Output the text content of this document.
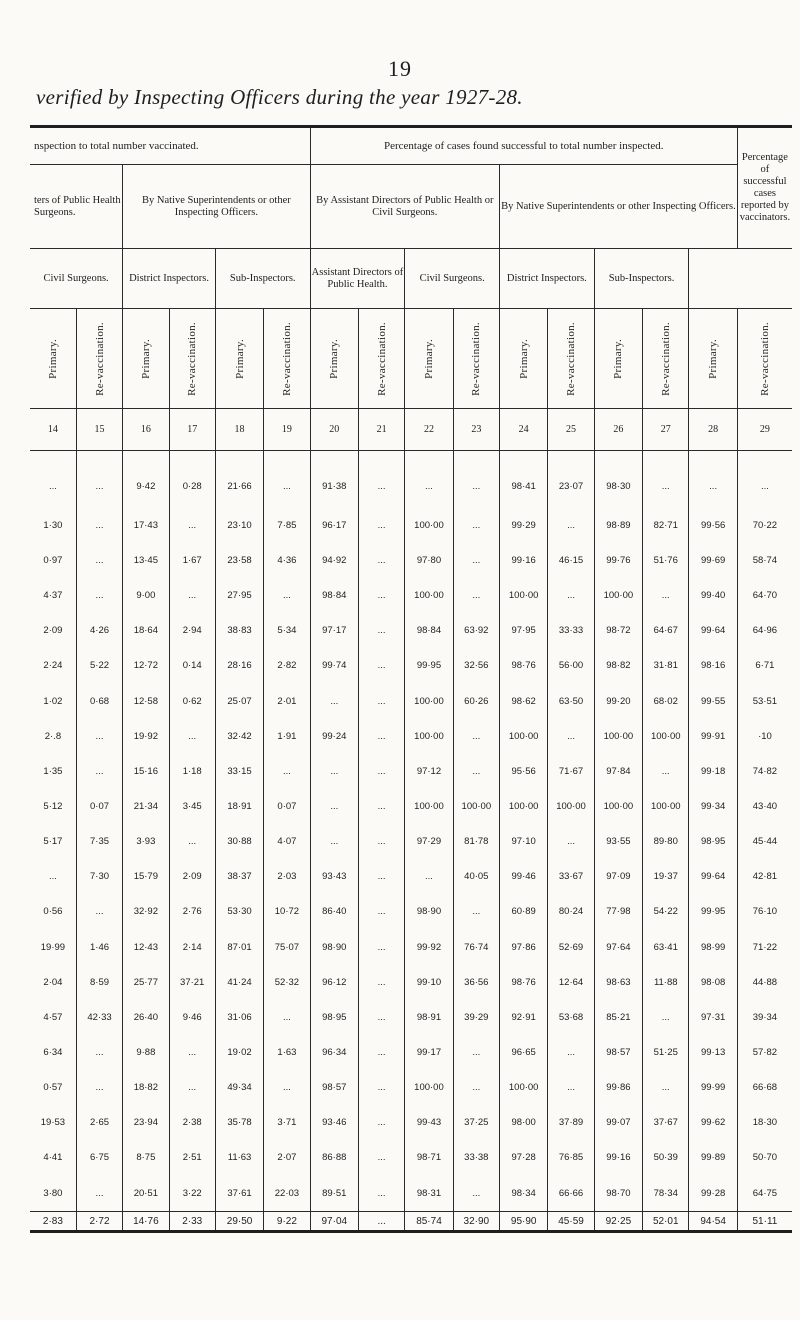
19
verified by Inspecting Officers during the year 1927-28.
nspection to total number vaccinated.						Percentage of cases found successful to total number inspected.									Percentage of successful cases reported by vaccinators.
ters of Public Health Surgeons.		By Native Superintendents or other Inspecting Officers.				By Assistant Directors of Public Health or Civil Surgeons.				By Native Superintendents or other Inspecting Officers.					
Civil Surgeons.		District Inspectors.		Sub-Inspectors.		Assistant Directors of Public Health.		Civil Surgeons.		District Inspectors.		Sub-Inspectors.			

Primary.	Re-vaccination.	Primary.	Re-vaccination.	Primary.	Re-vaccination.	Primary.	Re-vaccination.	Primary.	Re-vaccination.	Primary.	Re-vaccination.	Primary.	Re-vaccination.	Primary.	Re-vaccination.

14	15	16	17	18	19	20	21	22	23	24	25	26	27	28	29
...	...	9·42	0·28	21·66	...	91·38	...	...	...	98·41	23·07	98·30	...	...	...
1·30	...	17·43	...	23·10	7·85	96·17	...	100·00	...	99·29	...	98·89	82·71	99·56	70·22
0·97	...	13·45	1·67	23·58	4·36	94·92	...	97·80	...	99·16	46·15	99·76	51·76	99·69	58·74
4·37	...	9·00	...	27·95	...	98·84	...	100·00	...	100·00	...	100·00	...	99·40	64·70
2·09	4·26	18·64	2·94	38·83	5·34	97·17	...	98·84	63·92	97·95	33·33	98·72	64·67	99·64	64·96
2·24	5·22	12·72	0·14	28·16	2·82	99·74	...	99·95	32·56	98·76	56·00	98·82	31·81	98·16	6·71
1·02	0·68	12·58	0·62	25·07	2·01	...	...	100·00	60·26	98·62	63·50	99·20	68·02	99·55	53·51
2·.8	...	19·92	...	32·42	1·91	99·24	...	100·00	...	100·00	...	100·00	100·00	99·91	·10
1·35	...	15·16	1·18	33·15	...	...	...	97·12	...	95·56	71·67	97·84	...	99·18	74·82
5·12	0·07	21·34	3·45	18·91	0·07	...	...	100·00	100·00	100·00	100·00	100·00	100·00	99·34	43·40
5·17	7·35	3·93	...	30·88	4·07	...	...	97·29	81·78	97·10	...	93·55	89·80	98·95	45·44
...	7·30	15·79	2·09	38·37	2·03	93·43	...	...	40·05	99·46	33·67	97·09	19·37	99·64	42·81
0·56	...	32·92	2·76	53·30	10·72	86·40	...	98·90	...	60·89	80·24	77·98	54·22	99·95	76·10
19·99	1·46	12·43	2·14	87·01	75·07	98·90	...	99·92	76·74	97·86	52·69	97·64	63·41	98·99	71·22
2·04	8·59	25·77	37·21	41·24	52·32	96·12	...	99·10	36·56	98·76	12·64	98·63	11·88	98·08	44·88
4·57	42·33	26·40	9·46	31·06	...	98·95	...	98·91	39·29	92·91	53·68	85·21	...	97·31	39·34
6·34	...	9·88	...	19·02	1·63	96·34	...	99·17	...	96·65	...	98·57	51·25	99·13	57·82
0·57	...	18·82	...	49·34	...	98·57	...	100·00	...	100·00	...	99·86	...	99·99	66·68
19·53	2·65	23·94	2·38	35·78	3·71	93·46	...	99·43	37·25	98·00	37·89	99·07	37·67	99·62	18·30
4·41	6·75	8·75	2·51	11·63	2·07	86·88	...	98·71	33·38	97·28	76·85	99·16	50·39	99·89	50·70
3·80	...	20·51	3·22	37·61	22·03	89·51	...	98·31	...	98·34	66·66	98·70	78·34	99·28	64·75
2·83	2·72	14·76	2·33	29·50	9·22	97·04	...	85·74	32·90	95·90	45·59	92·25	52·01	94·54	51·11
